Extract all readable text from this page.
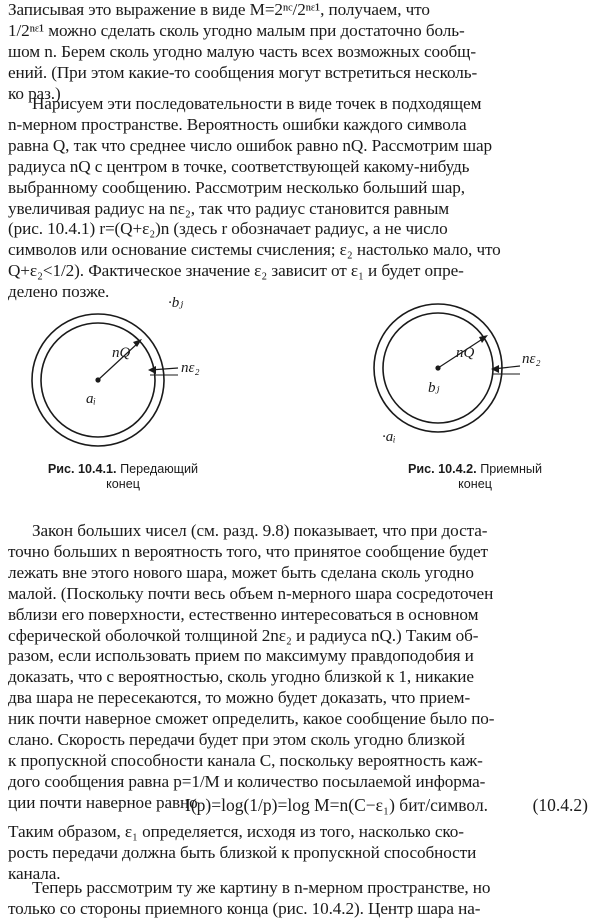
Записывая это выражение в виде M=2ⁿᶜ/2ⁿᵋ¹, получаем, что
1/2ⁿᵋ¹ можно сделать сколь угодно малым при достаточно боль-
шом n. Берем сколь угодно малую часть всех возможных сообщ-
ений. (При этом какие-то сообщения могут встретиться несколь-
ко раз.)

Нарисуем эти последовательности в виде точек в подходящем
n-мерном пространстве. Вероятность ошибки каждого символа
равна Q, так что среднее число ошибок равно nQ. Рассмотрим шар
радиуса nQ с центром в точке, соответствующей какому-нибудь
выбранному сообщению. Рассмотрим несколько больший шар,
увеличивая радиус на nε₂, так что радиус становится равным
(рис. 10.4.1) r=(Q+ε₂)n (здесь r обозначает радиус, а не число
символов или основание системы счисления; ε₂ настолько мало, что
Q+ε₂<1/2). Фактическое значение ε₂ зависит от ε₁ и будет опре-
делено позже.

nQ
nε₂
aᵢ
·bⱼ
nQ	nε₂
bⱼ
·aᵢ
Рис. 10.4.1. Передающий
конец
Рис. 10.4.2. Приемный
конец

Закон больших чисел (см. разд. 9.8) показывает, что при доста-
точно больших n вероятность того, что принятое сообщение будет
лежать вне этого нового шара, может быть сделана сколь угодно
малой. (Поскольку почти весь объем n-мерного шара сосредоточен
вблизи его поверхности, естественно интересоваться в основном
сферической оболочкой толщиной 2nε₂ и радиуса nQ.) Таким об-
разом, если использовать прием по максимуму правдоподобия и
доказать, что с вероятностью, сколь угодно близкой к 1, никакие
два шара не пересекаются, то можно будет доказать, что прием-
ник почти наверное сможет определить, какое сообщение было по-
слано. Скорость передачи будет при этом сколь угодно близкой
к пропускной способности канала C, поскольку вероятность каж-
дого сообщения равна p=1/M и количество посылаемой информа-
ции почти наверное равно

I(p)=log(1/p)=log M=n(C−ε₁) бит/символ.	(10.4.2)

Таким образом, ε₁ определяется, исходя из того, насколько ско-
рость передачи должна быть близкой к пропускной способности
канала.

Теперь рассмотрим ту же картину в n-мерном пространстве, но
только со стороны приемного конца (рис. 10.4.2). Центр шара на-
